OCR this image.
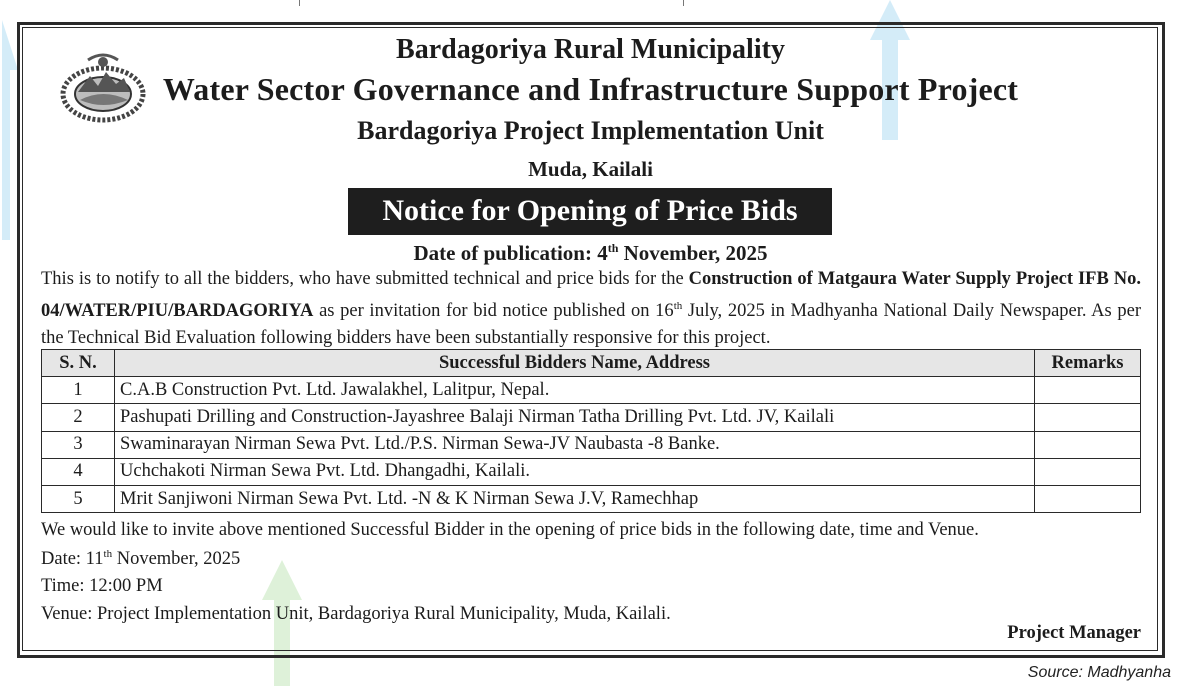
Bardagoriya Rural Municipality
Water Sector Governance and Infrastructure Support Project
Bardagoriya Project Implementation Unit
Muda, Kailali
Notice for Opening of Price Bids
Date of publication: 4th November, 2025
This is to notify to all the bidders, who have submitted technical and price bids for the Construction of Matgaura Water Supply Project IFB No. 04/WATER/PIU/BARDAGORIYA as per invitation for bid notice published on 16th July, 2025 in Madhyanha National Daily Newspaper. As per the Technical Bid Evaluation following bidders have been substantially responsive for this project.
S. N.	Successful Bidders Name, Address	Remarks
1	C.A.B Construction Pvt. Ltd. Jawalakhel, Lalitpur, Nepal.	
2	Pashupati Drilling and Construction-Jayashree Balaji Nirman Tatha Drilling Pvt. Ltd. JV, Kailali	
3	Swaminarayan Nirman Sewa Pvt. Ltd./P.S. Nirman Sewa-JV Naubasta -8 Banke.	
4	Uchchakoti Nirman Sewa Pvt. Ltd. Dhangadhi, Kailali.	
5	Mrit Sanjiwoni Nirman Sewa Pvt. Ltd. -N & K Nirman Sewa J.V, Ramechhap	
We would like to invite above mentioned Successful Bidder in the opening of price bids in the following date, time and Venue.
Date: 11th November, 2025
Time: 12:00 PM
Venue: Project Implementation Unit, Bardagoriya Rural Municipality, Muda, Kailali.
Project Manager
Source: Madhyanha
